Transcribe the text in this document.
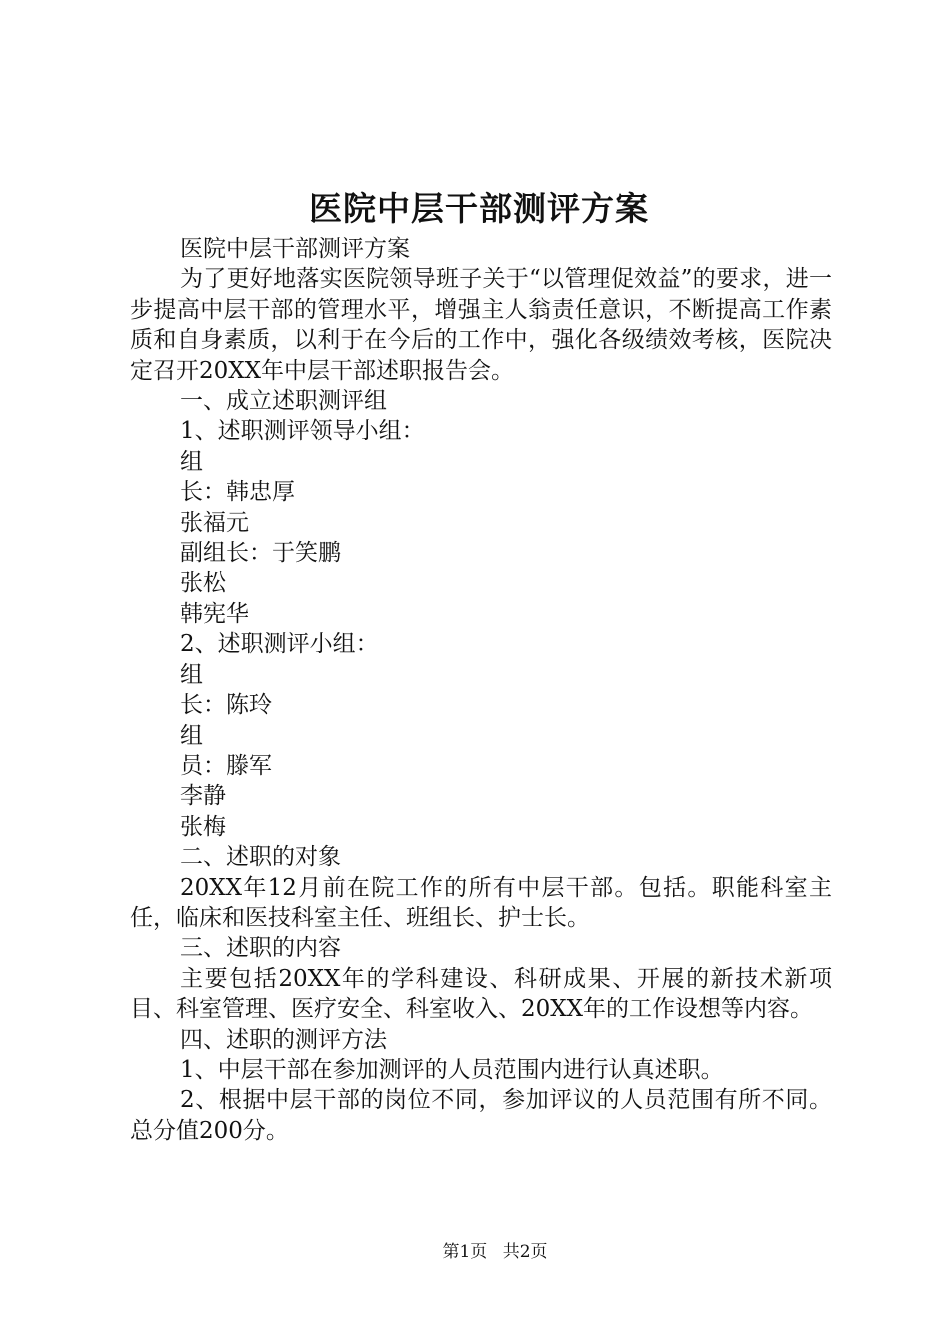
医院中层干部测评方案

医院中层干部测评方案

为了更好地落实医院领导班子关于“以管理促效益”的要求，进一步提高中层干部的管理水平，增强主人翁责任意识，不断提高工作素质和自身素质，以利于在今后的工作中，强化各级绩效考核，医院决定召开20XX年中层干部述职报告会。

一、成立述职测评组

1、述职测评领导小组：

组

长：韩忠厚

张福元

副组长：于笑鹏

张松

韩宪华

2、述职测评小组：

组

长：陈玲

组

员：滕军

李静

张梅

二、述职的对象

20XX年12月前在院工作的所有中层干部。包括。职能科室主任，临床和医技科室主任、班组长、护士长。

三、述职的内容

主要包括20XX年的学科建设、科研成果、开展的新技术新项目、科室管理、医疗安全、科室收入、20XX年的工作设想等内容。

四、述职的测评方法

1、中层干部在参加测评的人员范围内进行认真述职。

2、根据中层干部的岗位不同，参加评议的人员范围有所不同。总分值200分。

第1页 共2页
